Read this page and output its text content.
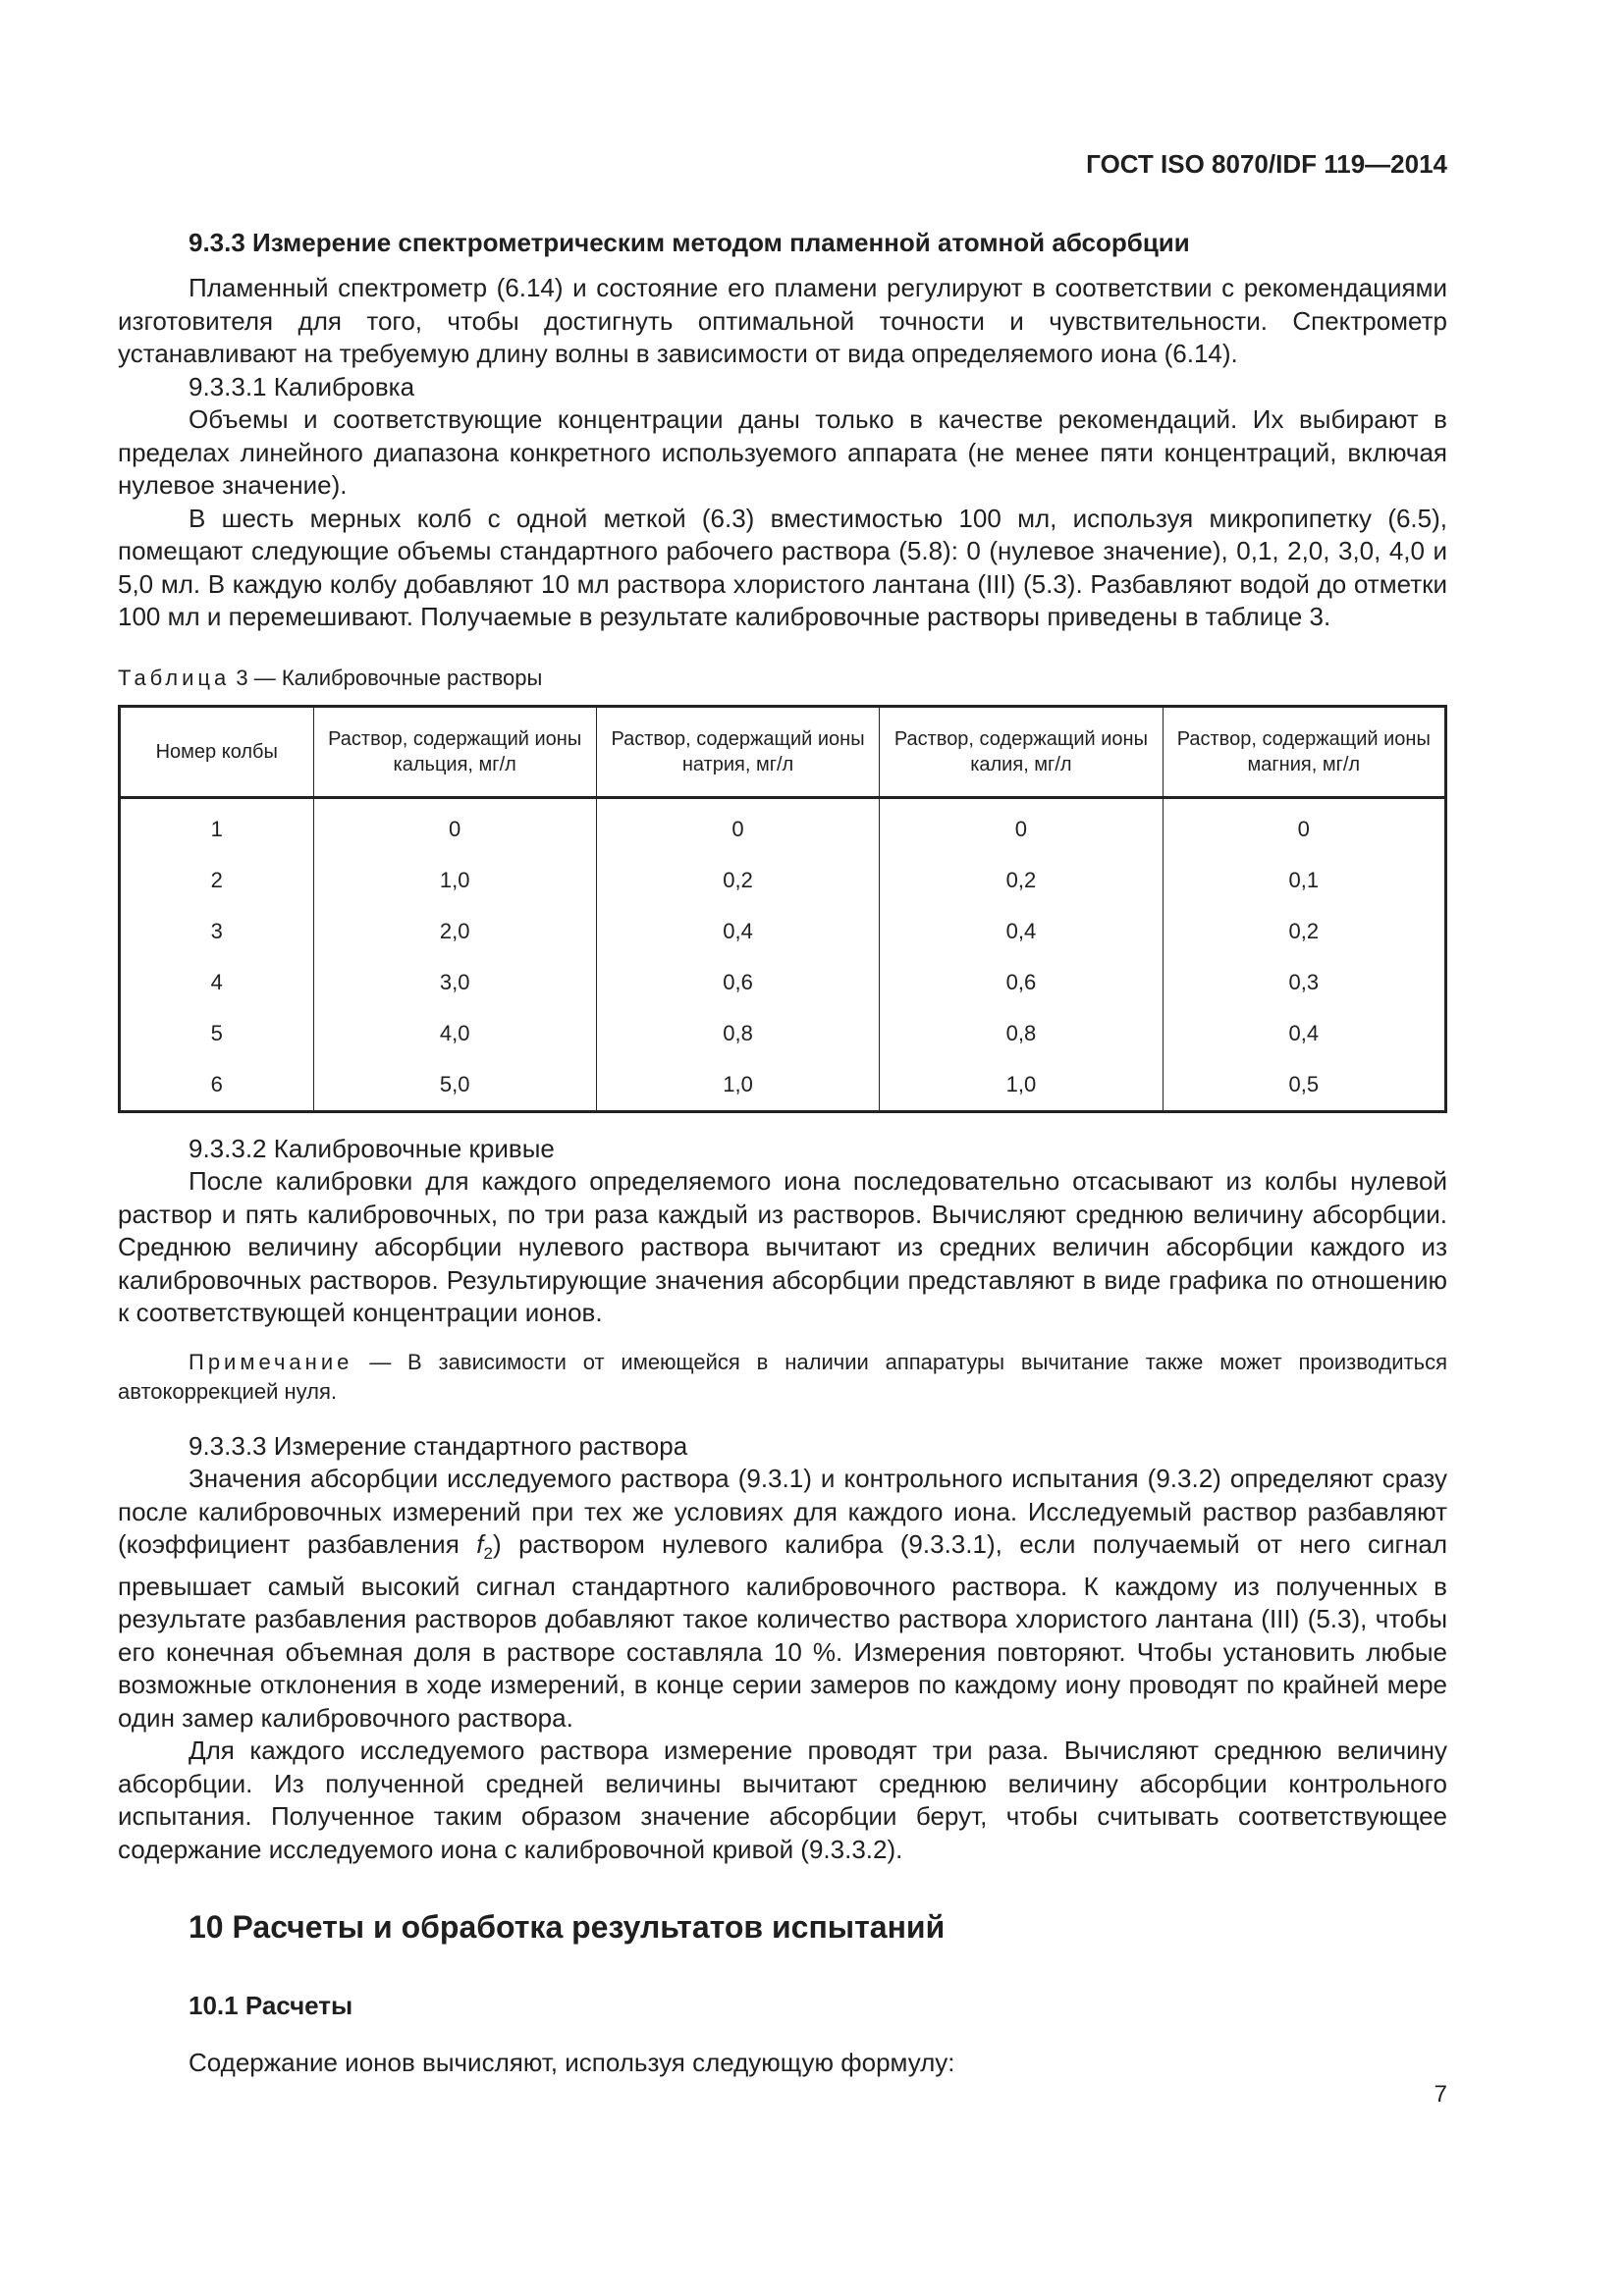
ГОСТ ISO 8070/IDF 119—2014
9.3.3 Измерение спектрометрическим методом пламенной атомной абсорбции

Пламенный спектрометр (6.14) и состояние его пламени регулируют в соответствии с рекомендациями изготовителя для того, чтобы достигнуть оптимальной точности и чувствительности. Спектрометр устанавливают на требуемую длину волны в зависимости от вида определяемого иона (6.14).

9.3.3.1 Калибровка

Объемы и соответствующие концентрации даны только в качестве рекомендаций. Их выбирают в пределах линейного диапазона конкретного используемого аппарата (не менее пяти концентраций, включая нулевое значение).

В шесть мерных колб с одной меткой (6.3) вместимостью 100 мл, используя микропипетку (6.5), помещают следующие объемы стандартного рабочего раствора (5.8): 0 (нулевое значение), 0,1, 2,0, 3,0, 4,0 и 5,0 мл. В каждую колбу добавляют 10 мл раствора хлористого лантана (III) (5.3). Разбавляют водой до отметки 100 мл и перемешивают. Получаемые в результате калибровочные растворы приведены в таблице 3.

Таблица 3 — Калибровочные растворы
Номер колбы	Раствор, содержащий ионы кальция, мг/л	Раствор, содержащий ионы натрия, мг/л	Раствор, содержащий ионы калия, мг/л	Раствор, содержащий ионы магния, мг/л
1	0	0	0	0
2	1,0	0,2	0,2	0,1
3	2,0	0,4	0,4	0,2
4	3,0	0,6	0,6	0,3
5	4,0	0,8	0,8	0,4
6	5,0	1,0	1,0	0,5
9.3.3.2 Калибровочные кривые

После калибровки для каждого определяемого иона последовательно отсасывают из колбы нулевой раствор и пять калибровочных, по три раза каждый из растворов. Вычисляют среднюю величину абсорбции. Среднюю величину абсорбции нулевого раствора вычитают из средних величин абсорбции каждого из калибровочных растворов. Результирующие значения абсорбции представляют в виде графика по отношению к соответствующей концентрации ионов.

Примечание — В зависимости от имеющейся в наличии аппаратуры вычитание также может производиться автокоррекцией нуля.
9.3.3.3 Измерение стандартного раствора

Значения абсорбции исследуемого раствора (9.3.1) и контрольного испытания (9.3.2) определяют сразу после калибровочных измерений при тех же условиях для каждого иона. Исследуемый раствор разбавляют (коэффициент разбавления $f_2$) раствором нулевого калибра (9.3.3.1), если получаемый от него сигнал превышает самый высокий сигнал стандартного калибровочного раствора. К каждому из полученных в результате разбавления растворов добавляют такое количество раствора хлористого лантана (III) (5.3), чтобы его конечная объемная доля в растворе составляла 10 %. Измерения повторяют. Чтобы установить любые возможные отклонения в ходе измерений, в конце серии замеров по каждому иону проводят по крайней мере один замер калибровочного раствора.

Для каждого исследуемого раствора измерение проводят три раза. Вычисляют среднюю величину абсорбции. Из полученной средней величины вычитают среднюю величину абсорбции контрольного испытания. Полученное таким образом значение абсорбции берут, чтобы считывать соответствующее содержание исследуемого иона с калибровочной кривой (9.3.3.2).

10 Расчеты и обработка результатов испытаний
10.1 Расчеты

Содержание ионов вычисляют, используя следующую формулу:

7
